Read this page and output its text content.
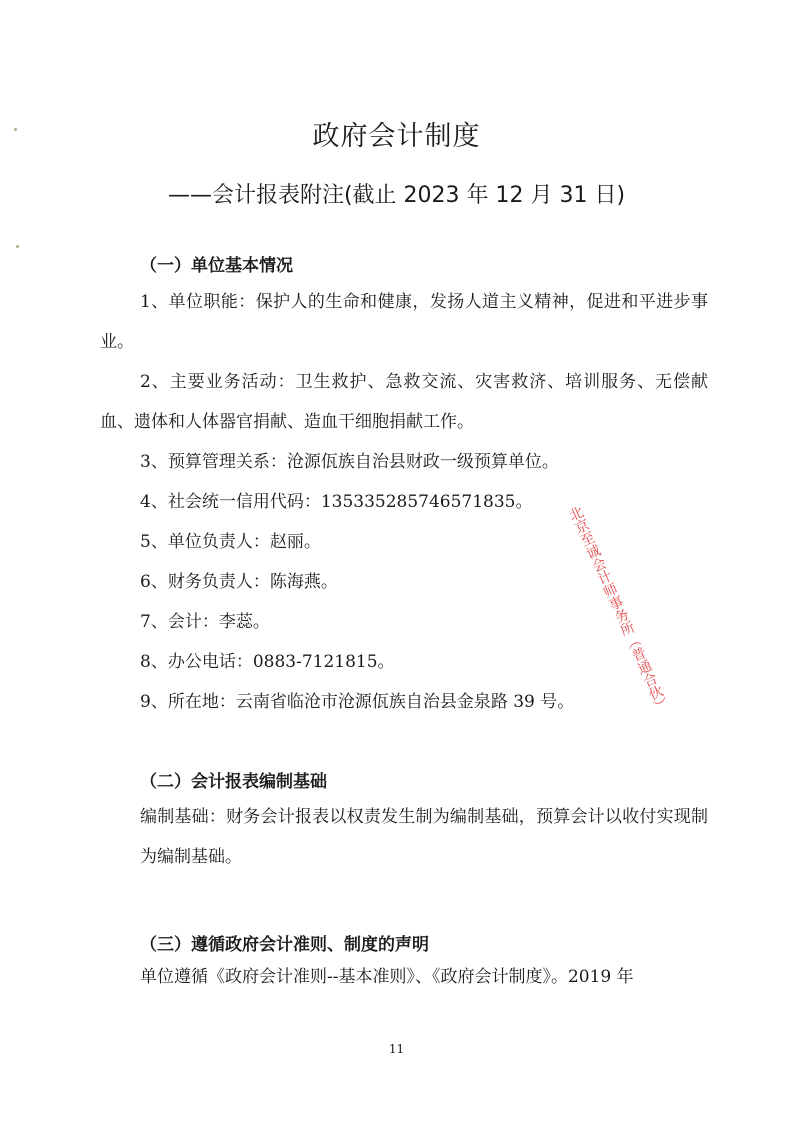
政府会计制度
——会计报表附注(截止 2023 年 12 月 31 日)
（一）单位基本情况
1、单位职能：保护人的生命和健康，发扬人道主义精神，促进和平进步事业。
2、主要业务活动：卫生救护、急救交流、灾害救济、培训服务、无偿献血、遗体和人体器官捐献、造血干细胞捐献工作。
3、预算管理关系：沧源佤族自治县财政一级预算单位。
4、社会统一信用代码：135335285746571835。
5、单位负责人：赵丽。
6、财务负责人：陈海燕。
7、会计：李蕊。
8、办公电话：0883-7121815。
9、所在地：云南省临沧市沧源佤族自治县金泉路 39 号。
（二）会计报表编制基础
编制基础：财务会计报表以权责发生制为编制基础，预算会计以收付实现制为编制基础。
（三）遵循政府会计准则、制度的声明
单位遵循《政府会计准则--基本准则》、《政府会计制度》。2019 年
北京至诚会计师事务所（普通合伙）
11
